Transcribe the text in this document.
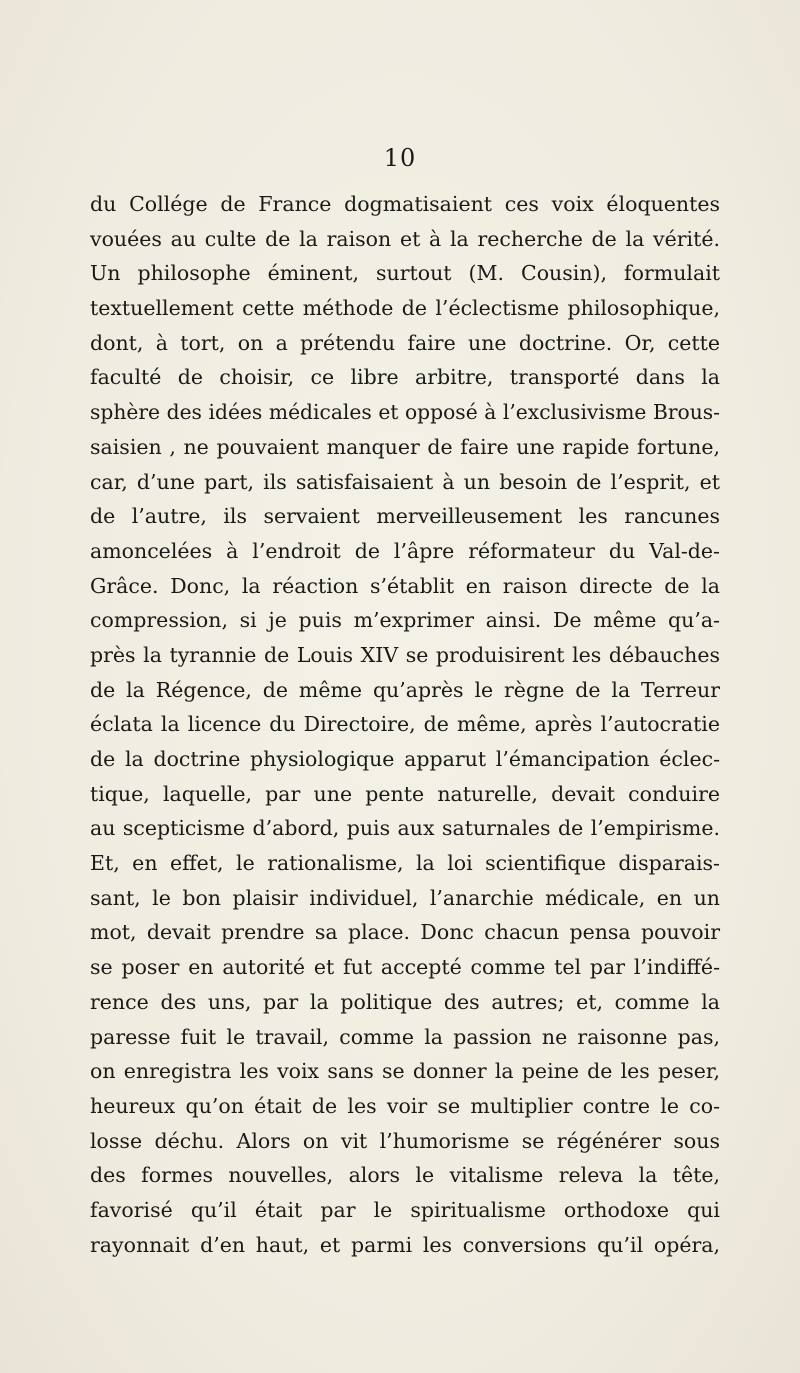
10
du Collége de France dogmatisaient ces voix éloquentes
vouées au culte de la raison et à la recherche de la vérité.
Un philosophe éminent, surtout (M. Cousin), formulait
textuellement cette méthode de l’éclectisme philosophique,
dont, à tort, on a prétendu faire une doctrine. Or, cette
faculté de choisir, ce libre arbitre, transporté dans la
sphère des idées médicales et opposé à l’exclusivisme Brous-
saisien , ne pouvaient manquer de faire une rapide fortune,
car, d’une part, ils satisfaisaient à un besoin de l’esprit, et
de l’autre, ils servaient merveilleusement les rancunes
amoncelées à l’endroit de l’âpre réformateur du Val-de-
Grâce. Donc, la réaction s’établit en raison directe de la
compression, si je puis m’exprimer ainsi. De même qu’a-
près la tyrannie de Louis XIV se produisirent les débauches
de la Régence, de même qu’après le règne de la Terreur
éclata la licence du Directoire, de même, après l’autocratie
de la doctrine physiologique apparut l’émancipation éclec-
tique, laquelle, par une pente naturelle, devait conduire
au scepticisme d’abord, puis aux saturnales de l’empirisme.
Et, en effet, le rationalisme, la loi scientifique disparais-
sant, le bon plaisir individuel, l’anarchie médicale, en un
mot, devait prendre sa place. Donc chacun pensa pouvoir
se poser en autorité et fut accepté comme tel par l’indiffé-
rence des uns, par la politique des autres; et, comme la
paresse fuit le travail, comme la passion ne raisonne pas,
on enregistra les voix sans se donner la peine de les peser,
heureux qu’on était de les voir se multiplier contre le co-
losse déchu. Alors on vit l’humorisme se régénérer sous
des formes nouvelles, alors le vitalisme releva la tête,
favorisé qu’il était par le spiritualisme orthodoxe qui
rayonnait d’en haut, et parmi les conversions qu’il opéra,
